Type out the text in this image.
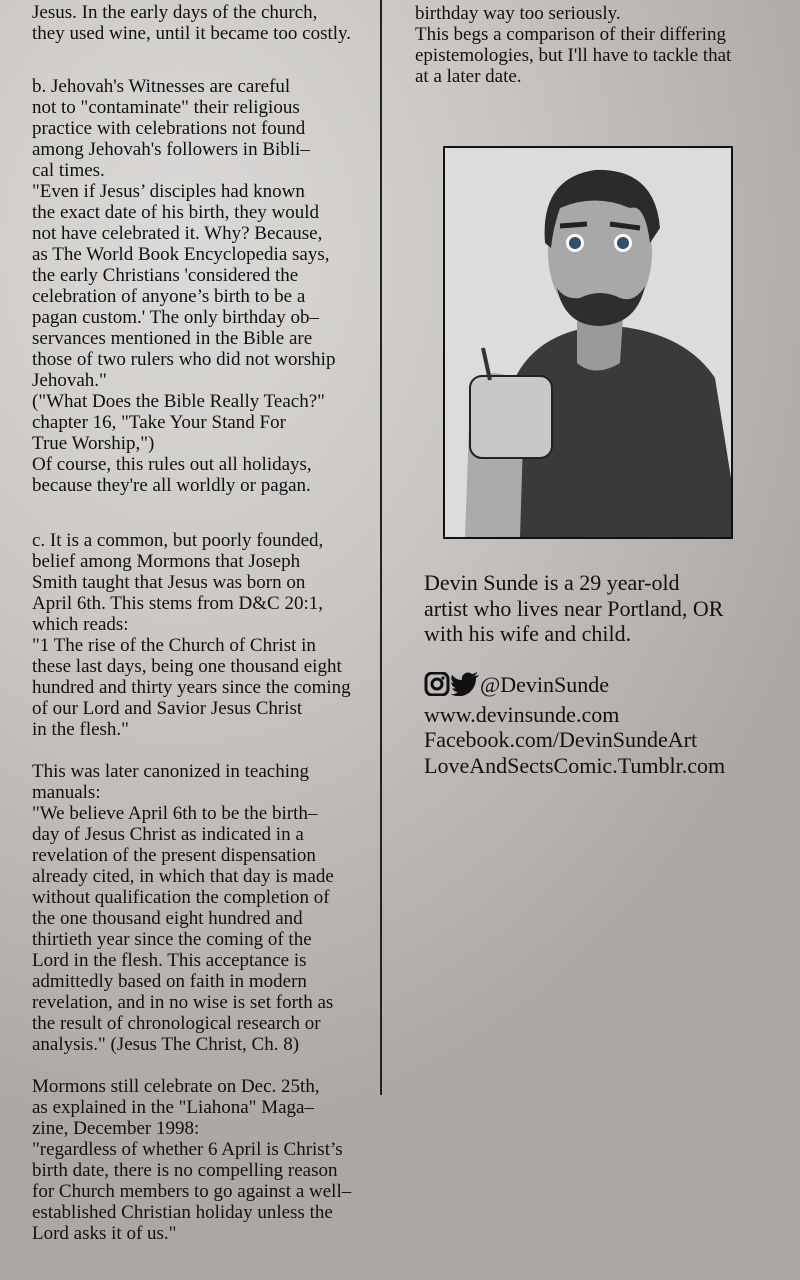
Jesus. In the early days of the church,
they used wine, until it became too costly.
b. Jehovah's Witnesses are careful
not to "contaminate" their religious
practice with celebrations not found
among Jehovah's followers in Bibli–
cal times.
"Even if Jesus’ disciples had known
the exact date of his birth, they would
not have celebrated it. Why? Because,
as The World Book Encyclopedia says,
the early Christians 'considered the
celebration of anyone’s birth to be a
pagan custom.' The only birthday ob–
servances mentioned in the Bible are
those of two rulers who did not worship
Jehovah."
("What Does the Bible Really Teach?"
chapter 16, "Take Your Stand For
True Worship,")
Of course, this rules out all holidays,
because they're all worldly or pagan.
c. It is a common, but poorly founded,
belief among Mormons that Joseph
Smith taught that Jesus was born on
April 6th. This stems from D&C 20:1,
which reads:
"1 The rise of the Church of Christ in
these last days, being one thousand eight
hundred and thirty years since the coming
of our Lord and Savior Jesus Christ
in the flesh."

This was later canonized in teaching
manuals:
"We believe April 6th to be the birth–
day of Jesus Christ as indicated in a
revelation of the present dispensation
already cited, in which that day is made
without qualification the completion of
the one thousand eight hundred and
thirtieth year since the coming of the
Lord in the flesh. This acceptance is
admittedly based on faith in modern
revelation, and in no wise is set forth as
the result of chronological research or
analysis." (Jesus The Christ, Ch. 8)

Mormons still celebrate on Dec. 25th,
as explained in the "Liahona" Maga–
zine, December 1998:
"regardless of whether 6 April is Christ’s
birth date, there is no compelling reason
for Church members to go against a well–
established Christian holiday unless the
Lord asks it of us."
birthday way too seriously.
This begs a comparison of their differing
epistemologies, but I'll have to tackle that
at a later date.
Devin Sunde is a 29 year-old
artist who lives near Portland, OR
with his wife and child.
@DevinSunde
www.devinsunde.com
Facebook.com/DevinSundeArt
LoveAndSectsComic.Tumblr.com
